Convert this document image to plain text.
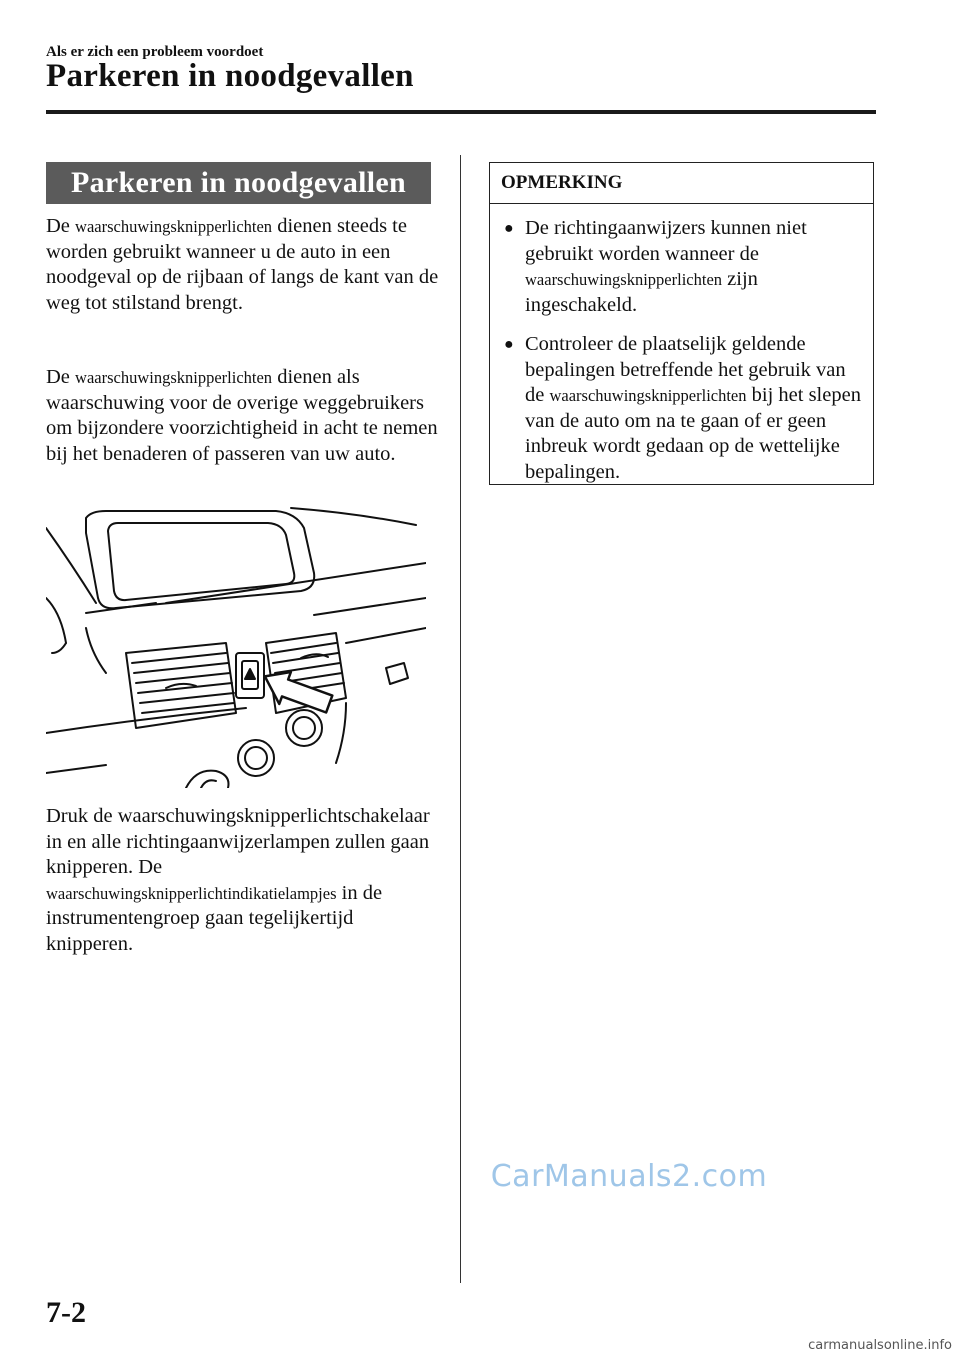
Als er zich een probleem voordoet
Parkeren in noodgevallen
Parkeren in noodgevallen
De waarschuwingsknipperlichten dienen steeds te worden gebruikt wanneer u de auto in een noodgeval op de rijbaan of langs de kant van de weg tot stilstand brengt.
De waarschuwingsknipperlichten dienen als waarschuwing voor de overige weggebruikers om bijzondere voorzichtigheid in acht te nemen bij het benaderen of passeren van uw auto.
Druk de waarschuwingsknipperlichtschakelaar in en alle richtingaanwijzerlampen zullen gaan knipperen. De waarschuwingsknipperlichtindikatielampjes in de instrumentengroep gaan tegelijkertijd knipperen.
OPMERKING
● De richtingaanwijzers kunnen niet gebruikt worden wanneer de waarschuwingsknipperlichten zijn ingeschakeld.
● Controleer de plaatselijk geldende bepalingen betreffende het gebruik van de waarschuwingsknipperlichten bij het slepen van de auto om na te gaan of er geen inbreuk wordt gedaan op de wettelijke bepalingen.
CarManuals2.com
7-2
carmanualsonline.info
